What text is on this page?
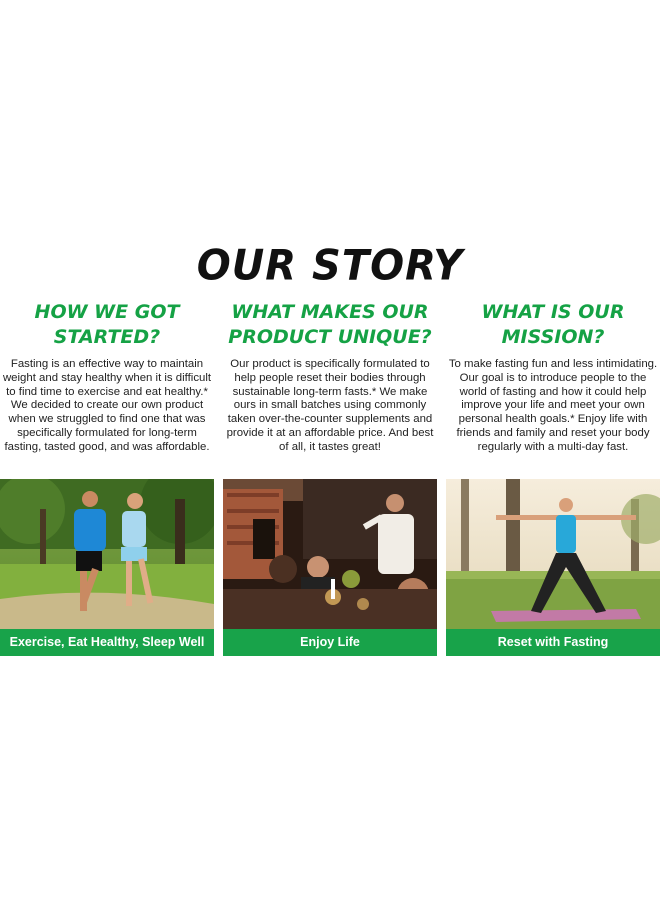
OUR STORY
HOW WE GOT
STARTED?

Fasting is an effective way to maintain weight and stay healthy when it is difficult to find time to exercise and eat healthy.* We decided to create our own product when we struggled to find one that was specifically formulated for long-term fasting, tasted good, and was affordable.

WHAT MAKES OUR
PRODUCT UNIQUE?

Our product is specifically formulated to help people reset their bodies through sustainable long-term fasts.* We make ours in small batches using commonly taken over-the-counter supplements and provide it at an affordable price. And best of all, it tastes great!

WHAT IS OUR
MISSION?

To make fasting fun and less intimidating. Our goal is to introduce people to the world of fasting and how it could help improve your life and meet your own personal health goals.* Enjoy life with friends and family and reset your body regularly with a multi-day fast.

Exercise, Eat Healthy, Sleep Well	Enjoy Life	Reset with Fasting
